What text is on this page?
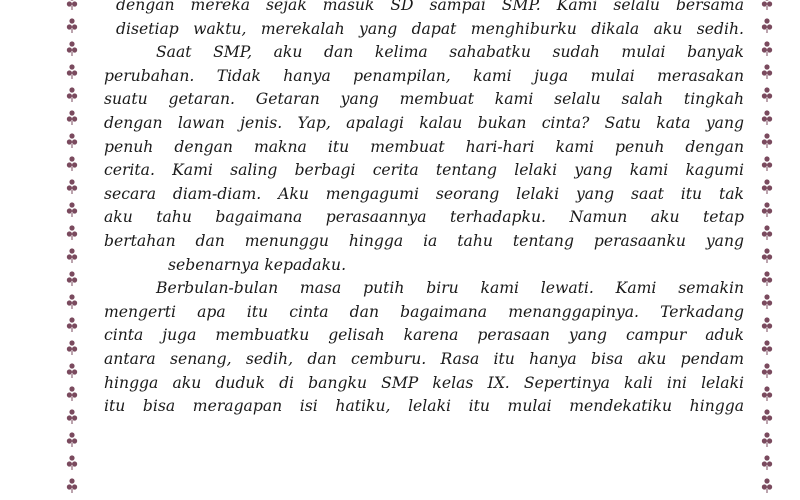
dengan mereka sejak masuk SD sampai SMP. Kami selalu bersama
disetiap waktu, merekalah yang dapat menghiburku dikala aku sedih.
Saat SMP, aku dan kelima sahabatku sudah mulai banyak
perubahan. Tidak hanya penampilan, kami juga mulai merasakan
suatu getaran. Getaran yang membuat kami selalu salah tingkah
dengan lawan jenis. Yap, apalagi kalau bukan cinta? Satu kata yang
penuh dengan makna itu membuat hari-hari kami penuh dengan
cerita. Kami saling berbagi cerita tentang lelaki yang kami kagumi
secara diam-diam. Aku mengagumi seorang lelaki yang saat itu tak
aku tahu bagaimana perasaannya terhadapku. Namun aku tetap
bertahan dan menunggu hingga ia tahu tentang perasaanku yang
sebenarnya kepadaku.
Berbulan-bulan masa putih biru kami lewati. Kami semakin
mengerti apa itu cinta dan bagaimana menanggapinya. Terkadang
cinta juga membuatku gelisah karena perasaan yang campur aduk
antara senang, sedih, dan cemburu. Rasa itu hanya bisa aku pendam
hingga aku duduk di bangku SMP kelas IX. Sepertinya kali ini lelaki
itu bisa meragapan isi hatiku, lelaki itu mulai mendekatiku hingga
